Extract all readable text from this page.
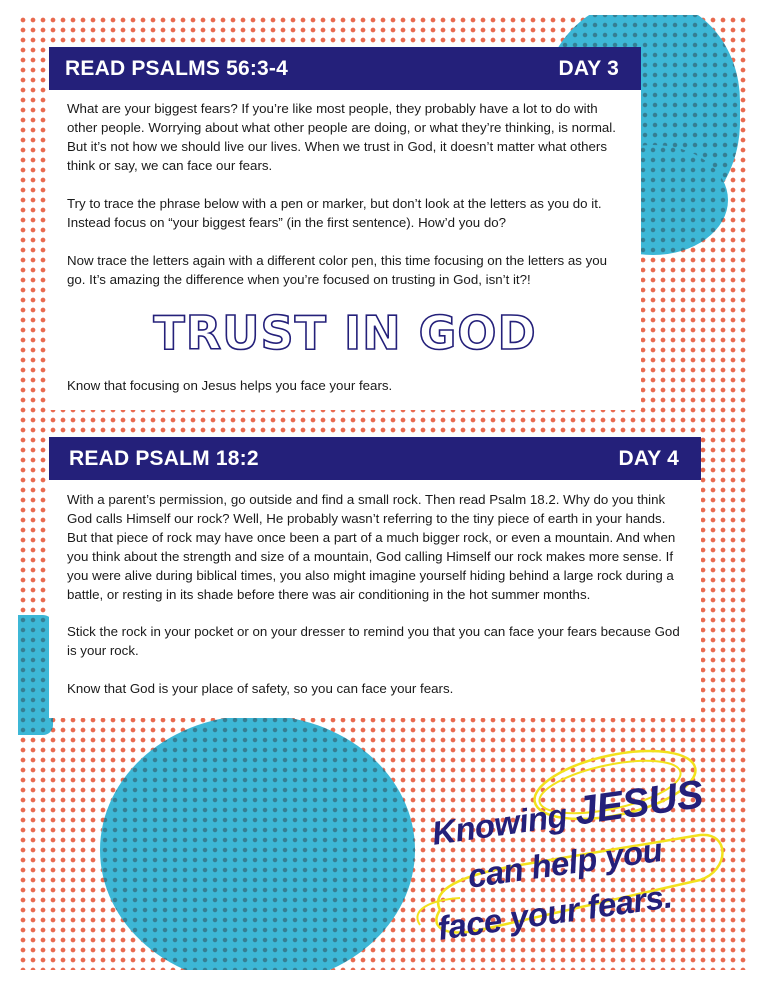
READ PSALMS 56:3-4	DAY 3

What are your biggest fears? If you’re like most people, they probably have a lot to do with other people. Worrying about what other people are doing, or what they’re thinking, is normal. But it’s not how we should live our lives. When we trust in God, it doesn’t matter what others think or say, we can face our fears.

Try to trace the phrase below with a pen or marker, but don’t look at the letters as you do it. Instead focus on “your biggest fears” (in the first sentence). How’d you do?

Now trace the letters again with a different color pen, this time focusing on the letters as you go. It’s amazing the difference when you’re focused on trusting in God, isn’t it?!

TRUST IN GOD

Know that focusing on Jesus helps you face your fears.

READ PSALM 18:2	DAY 4

With a parent’s permission, go outside and find a small rock. Then read Psalm 18.2. Why do you think God calls Himself our rock? Well, He probably wasn’t referring to the tiny piece of earth in your hands. But that piece of rock may have once been a part of a much bigger rock, or even a mountain. And when you think about the strength and size of a mountain, God calling Himself our rock makes more sense. If you were alive during biblical times, you also might imagine yourself hiding behind a large rock during a battle, or resting in its shade before there was air conditioning in the hot summer months.

Stick the rock in your pocket or on your dresser to remind you that you can face your fears because God is your rock.

Know that God is your place of safety, so you can face your fears.

Knowing JESUS
can help you
face your fears.
